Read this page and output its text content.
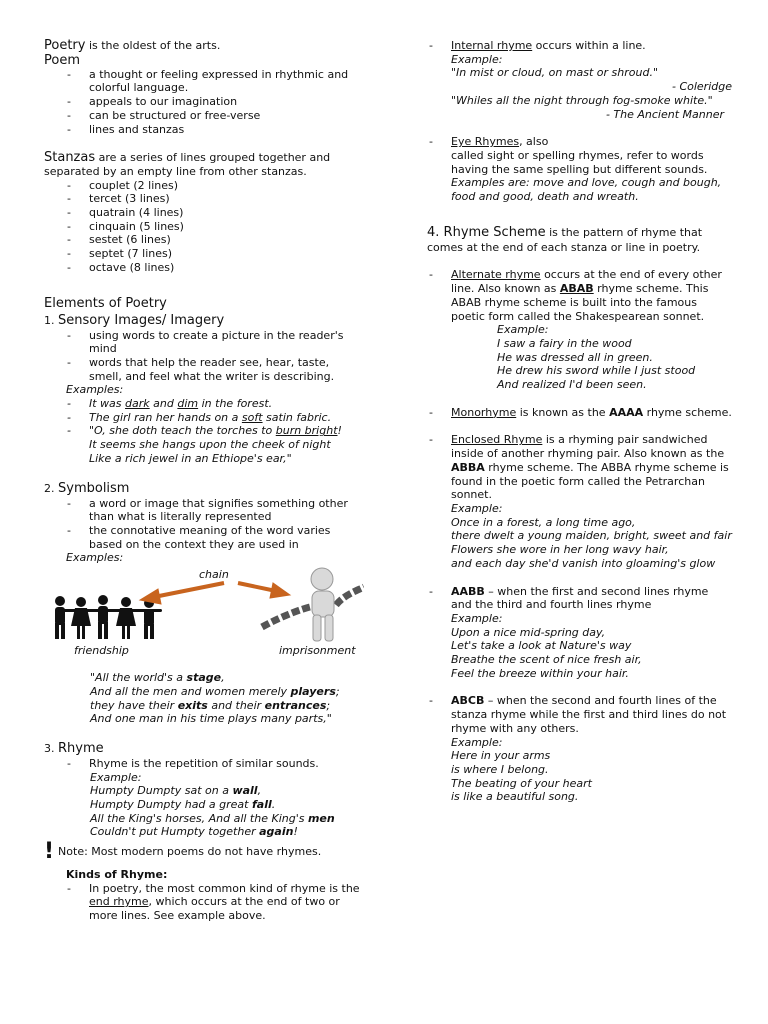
Poetry is the oldest of the arts.

Poem

- a thought or feeling expressed in rhythmic and colorful language.
- appeals to our imagination
- can be structured or free-verse
- lines and stanzas

Stanzas are a series of lines grouped together and separated by an empty line from other stanzas.

- couplet (2 lines)
- tercet (3 lines)
- quatrain (4 lines)
- cinquain (5 lines)
- sestet (6 lines)
- septet (7 lines)
- octave (8 lines)

Elements of Poetry

1. Sensory Images/ Imagery

- using words to create a picture in the reader's mind
- words that help the reader see, hear, taste, smell, and feel what the writer is describing.

Examples:

- It was dark and dim in the forest.
- The girl ran her hands on a soft satin fabric.
- "O, she doth teach the torches to burn bright!
It seems she hangs upon the cheek of night
Like a rich jewel in an Ethiope's ear,"

2. Symbolism

- a word or image that signifies something other than what is literally represented
- the connotative meaning of the word varies based on the context they are used in

Examples:

chain
friendship	imprisonment
"All the world's a stage,
And all the men and women merely players;
they have their exits and their entrances;
And one man in his time plays many parts,"

3. Rhyme

- Rhyme is the repetition of similar sounds.
Example:
Humpty Dumpty sat on a wall,
Humpty Dumpty had a great fall.
All the King's horses, And all the King's men
Couldn't put Humpty together again!

! Note: Most modern poems do not have rhymes.

Kinds of Rhyme:

- In poetry, the most common kind of rhyme is the end rhyme, which occurs at the end of two or more lines. See example above.
- Internal rhyme occurs within a line.
Example:
"In mist or cloud, on mast or shroud."
- Coleridge
"Whiles all the night through fog-smoke white."
- The Ancient Manner
- Eye Rhymes, also
called sight or spelling rhymes, refer to words having the same spelling but different sounds.
Examples are: move and love, cough and bough, food and good, death and wreath.

4. Rhyme Scheme is the pattern of rhyme that comes at the end of each stanza or line in poetry.

- Alternate rhyme occurs at the end of every other line. Also known as ABAB rhyme scheme. This ABAB rhyme scheme is built into the famous poetic form called the Shakespearean sonnet.
Example:
I saw a fairy in the wood
He was dressed all in green.
He drew his sword while I just stood
And realized I'd been seen.
- Monorhyme is known as the AAAA rhyme scheme.
- Enclosed Rhyme is a rhyming pair sandwiched inside of another rhyming pair. Also known as the ABBA rhyme scheme. The ABBA rhyme scheme is found in the poetic form called the Petrarchan sonnet.
Example:
Once in a forest, a long time ago,
there dwelt a young maiden, bright, sweet and fair
Flowers she wore in her long wavy hair,
and each day she'd vanish into gloaming's glow
- AABB – when the first and second lines rhyme and the third and fourth lines rhyme
Example:
Upon a nice mid-spring day,
Let's take a look at Nature's way
Breathe the scent of nice fresh air,
Feel the breeze within your hair.
- ABCB – when the second and fourth lines of the stanza rhyme while the first and third lines do not rhyme with any others.
Example:
Here in your arms
is where I belong.
The beating of your heart
is like a beautiful song.
